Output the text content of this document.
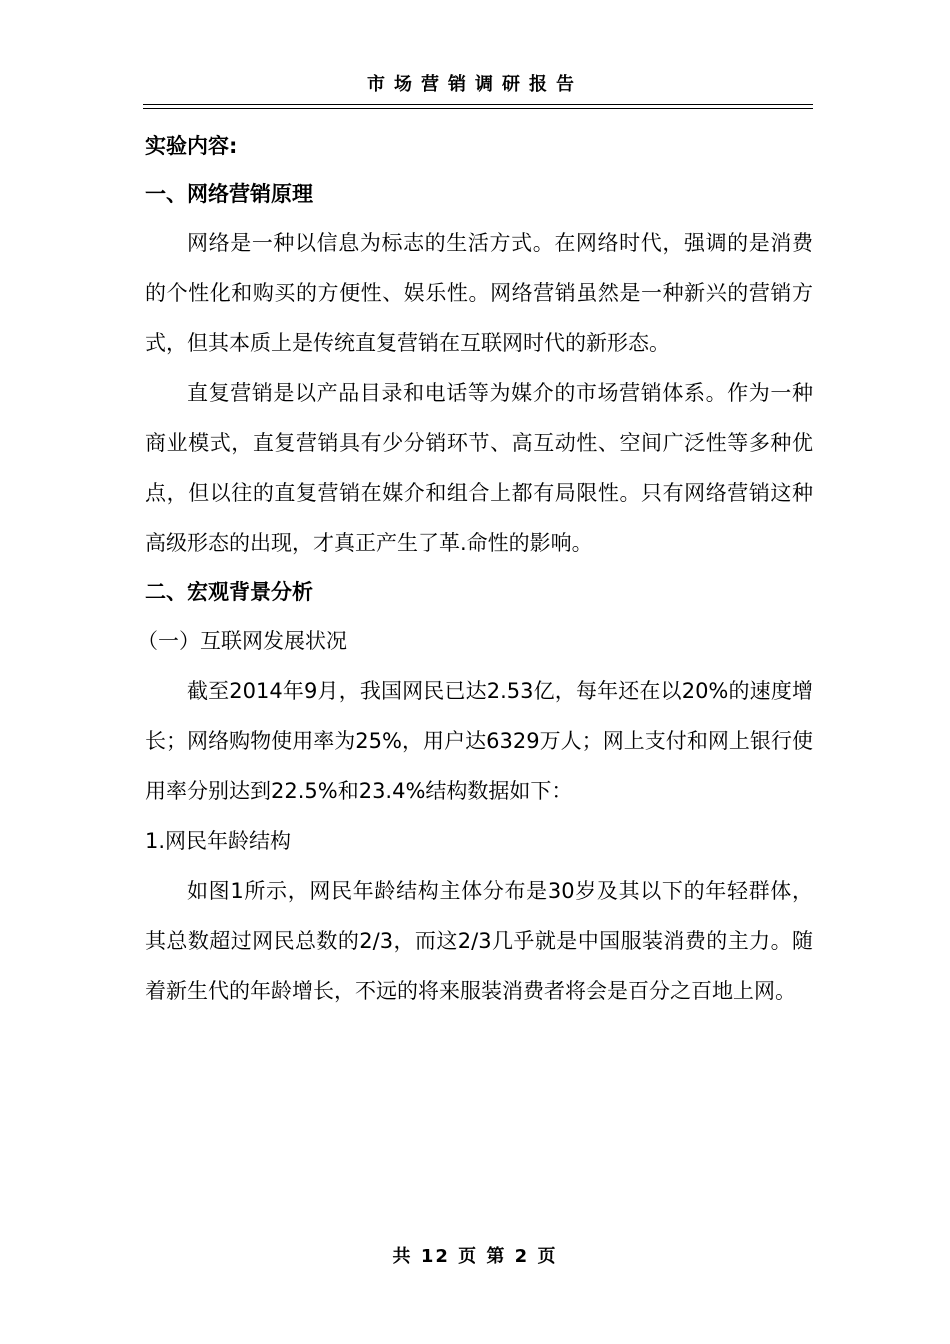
市场营销调研报告
实验内容:
一、网络营销原理

网络是一种以信息为标志的生活方式。在网络时代，强调的是消费的个性化和购买的方便性、娱乐性。网络营销虽然是一种新兴的营销方式，但其本质上是传统直复营销在互联网时代的新形态。

直复营销是以产品目录和电话等为媒介的市场营销体系。作为一种商业模式，直复营销具有少分销环节、高互动性、空间广泛性等多种优点，但以往的直复营销在媒介和组合上都有局限性。只有网络营销这种高级形态的出现，才真正产生了革.命性的影响。

二、宏观背景分析
（一）互联网发展状况

截至2014年9月，我国网民已达2.53亿，每年还在以20%的速度增长；网络购物使用率为25%，用户达6329万人；网上支付和网上银行使用率分别达到22.5%和23.4%结构数据如下：

1.网民年龄结构

如图1所示，网民年龄结构主体分布是30岁及其以下的年轻群体，其总数超过网民总数的2/3，而这2/3几乎就是中国服装消费的主力。随着新生代的年龄增长，不远的将来服装消费者将会是百分之百地上网。

共 12 页 第 2 页
